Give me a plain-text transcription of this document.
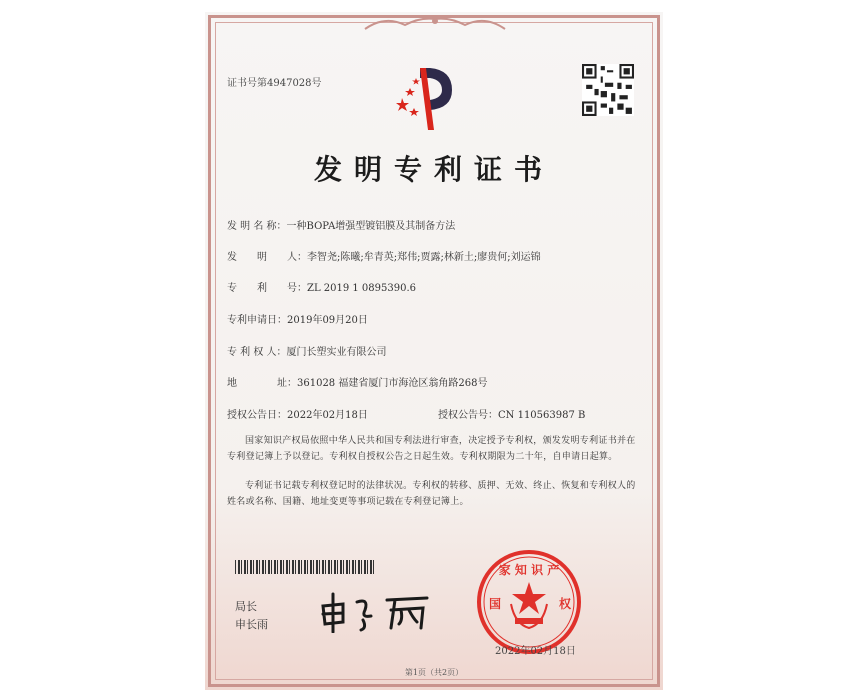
证书号第4947028号
发明专利证书
发 明 名 称：一种BOPA增强型镀铝膜及其制备方法
发　　明　　人：李智尧;陈曦;牟青英;郑伟;贾露;林新土;廖贵何;刘运锦
专　　利　　号：ZL 2019 1 0895390.6
专利申请日：2019年09月20日
专 利 权 人：厦门长塑实业有限公司
地　　　　址：361028 福建省厦门市海沧区翁角路268号
授权公告日：2022年02月18日	授权公告号：CN 110563987 B
国家知识产权局依照中华人民共和国专利法进行审查，决定授予专利权，颁发发明专利证书并在专利登记簿上予以登记。专利权自授权公告之日起生效。专利权期限为二十年，自申请日起算。
专利证书记载专利权登记时的法律状况。专利权的转移、质押、无效、终止、恢复和专利权人的姓名或名称、国籍、地址变更等事项记载在专利登记簿上。
局长
申长雨
家 知 识 产
国	权
2022年02月18日
第1页（共2页）
